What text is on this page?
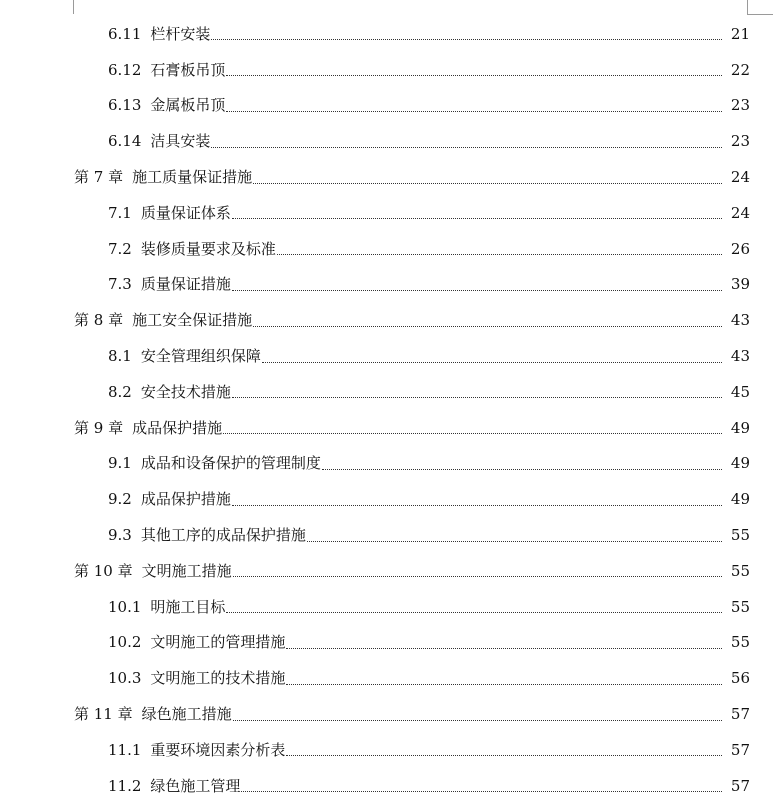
6.11 栏杆安装	21
6.12 石膏板吊顶	22
6.13 金属板吊顶	23
6.14 洁具安装	23
第 7 章 施工质量保证措施	24
7.1 质量保证体系	24
7.2 装修质量要求及标准	26
7.3 质量保证措施	39
第 8 章 施工安全保证措施	43
8.1 安全管理组织保障	43
8.2 安全技术措施	45
第 9 章 成品保护措施	49
9.1 成品和设备保护的管理制度	49
9.2 成品保护措施	49
9.3 其他工序的成品保护措施	55
第 10 章 文明施工措施	55
10.1 明施工目标	55
10.2 文明施工的管理措施	55
10.3 文明施工的技术措施	56
第 11 章 绿色施工措施	57
11.1 重要环境因素分析表	57
11.2 绿色施工管理	57
